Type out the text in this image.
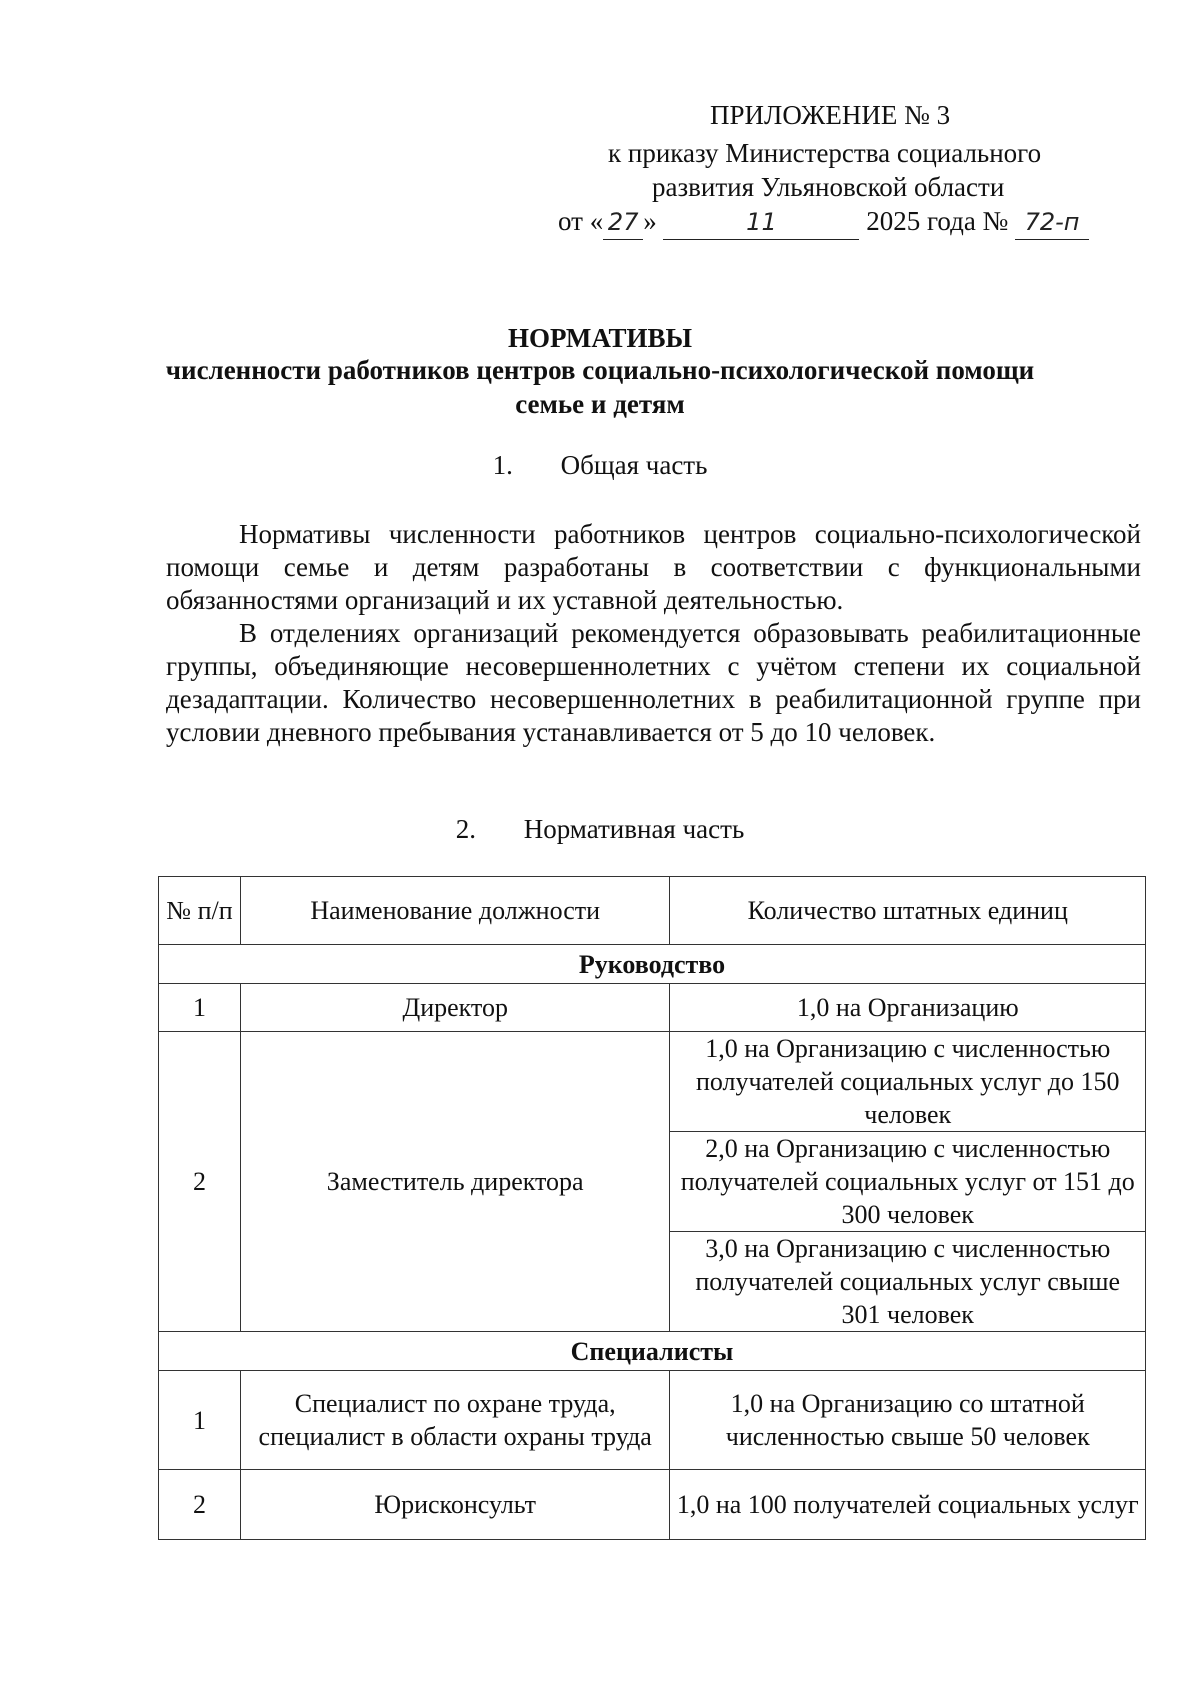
ПРИЛОЖЕНИЕ № 3
к приказу Министерства социального
развития Ульяновской области
от « 27 »	11	2025 года № 72-п
НОРМАТИВЫ
численности работников центров социально-психологической помощи
семье и детям
1. Общая часть

Нормативы численности работников центров социально-психологической помощи семье и детям разработаны в соответствии с функциональными обязанностями организаций и их уставной деятельностью.

В отделениях организаций рекомендуется образовывать реабилитационные группы, объединяющие несовершеннолетних с учётом степени их социальной дезадаптации. Количество несовершеннолетних в реабилитационной группе при условии дневного пребывания устанавливается от 5 до 10 человек.

2. Нормативная часть
№ п/п	Наименование должности	Количество штатных единиц
Руководство		
1	Директор	1,0 на Организацию
2	Заместитель директора	1,0 на Организацию с численностью получателей социальных услуг до 150 человек
		2,0 на Организацию с численностью получателей социальных услуг от 151 до 300 человек
		3,0 на Организацию с численностью получателей социальных услуг свыше 301 человек
Специалисты		
1	Специалист по охране труда, специалист в области охраны труда	1,0 на Организацию со штатной численностью свыше 50 человек
2	Юрисконсульт	1,0 на 100 получателей социальных услуг
